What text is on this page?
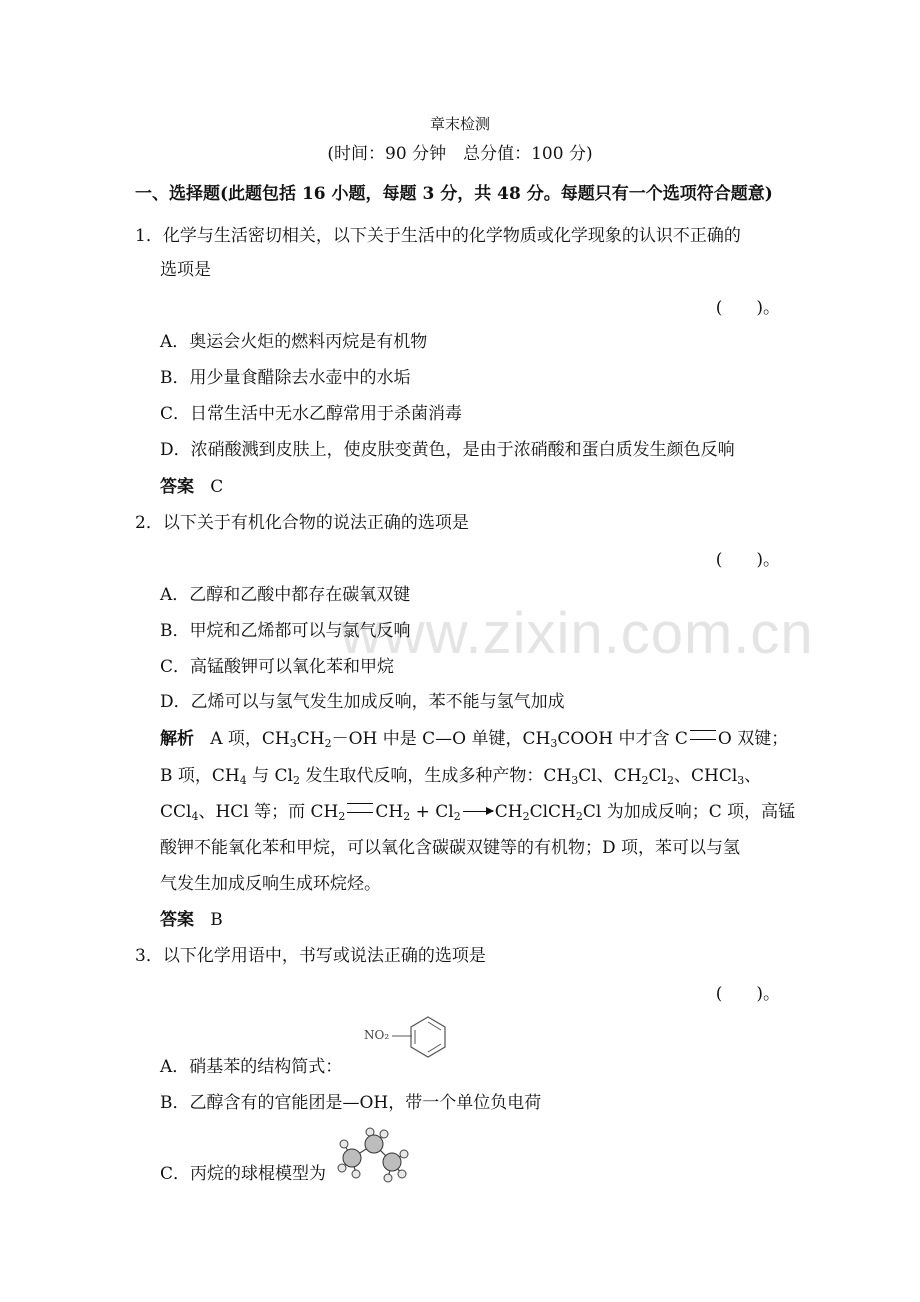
www.zixin.com.cn
章末检测
(时间：90 分钟　总分值：100 分)
一、选择题(此题包括 16 小题，每题 3 分，共 48 分。每题只有一个选项符合题意)
1．化学与生活密切相关，以下关于生活中的化学物质或化学现象的认识不正确的
选项是
(　　)。
A．奥运会火炬的燃料丙烷是有机物
B．用少量食醋除去水壶中的水垢
C．日常生活中无水乙醇常用于杀菌消毒
D．浓硝酸溅到皮肤上，使皮肤变黄色，是由于浓硝酸和蛋白质发生颜色反响
答案 C
2．以下关于有机化合物的说法正确的选项是
(　　)。
A．乙醇和乙酸中都存在碳氧双键
B．甲烷和乙烯都可以与氯气反响
C．高锰酸钾可以氧化苯和甲烷
D．乙烯可以与氢气发生加成反响，苯不能与氢气加成
解析   A 项，$CH_3CH_2-OH$ 中是 C—O 单键，$CH_3COOH$ 中才含 C O 双键；
B 项，$CH_4$ 与 $Cl_2$ 发生取代反响，生成多种产物：$CH_3Cl$、$CH_2Cl_2$、CHCl$_3$、
CCl$_4$、HCl 等；而 $CH_2$ $CH_2 + Cl_2$ $CH_2ClCH_2Cl$ 为加成反响；C 项，高锰
酸钾不能氧化苯和甲烷，可以氧化含碳碳双键等的有机物；D 项，苯可以与氢
气发生加成反响生成环烷烃。
答案 B
3．以下化学用语中，书写或说法正确的选项是
(　　)。
NO₂
A．硝基苯的结构简式：
B．乙醇含有的官能团是—OH，带一个单位负电荷
C．丙烷的球棍模型为
